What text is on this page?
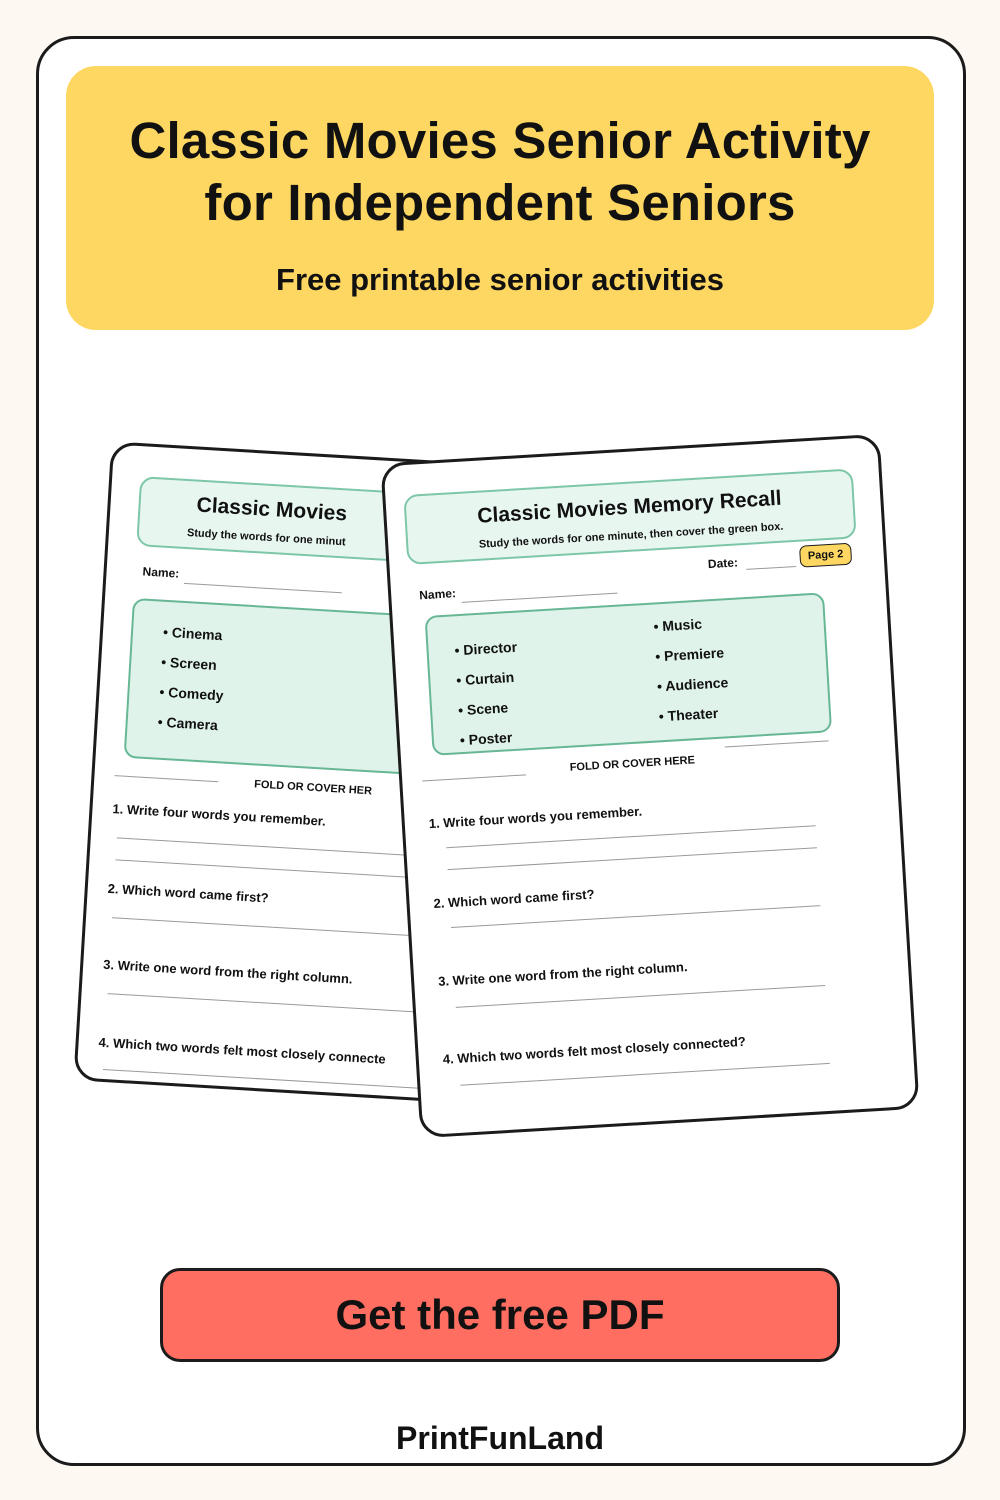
Classic Movies Senior Activity
for Independent Seniors
Free printable senior activities
Classic Movies
Study the words for one minut
Name:
• Cinema
• Screen
• Comedy
• Camera
FOLD OR COVER HER
1. Write four words you remember.
2. Which word came first?
3. Write one word from the right column.
4. Which two words felt most closely connecte
Classic Movies Memory Recall
Study the words for one minute, then cover the green box.
Date:
Page 2
Name:
• Director
• Curtain
• Scene
• Poster
• Music
• Premiere
• Audience
• Theater
FOLD OR COVER HERE
1. Write four words you remember.
2. Which word came first?
3. Write one word from the right column.
4. Which two words felt most closely connected?
Get the free PDF
PrintFunLand
